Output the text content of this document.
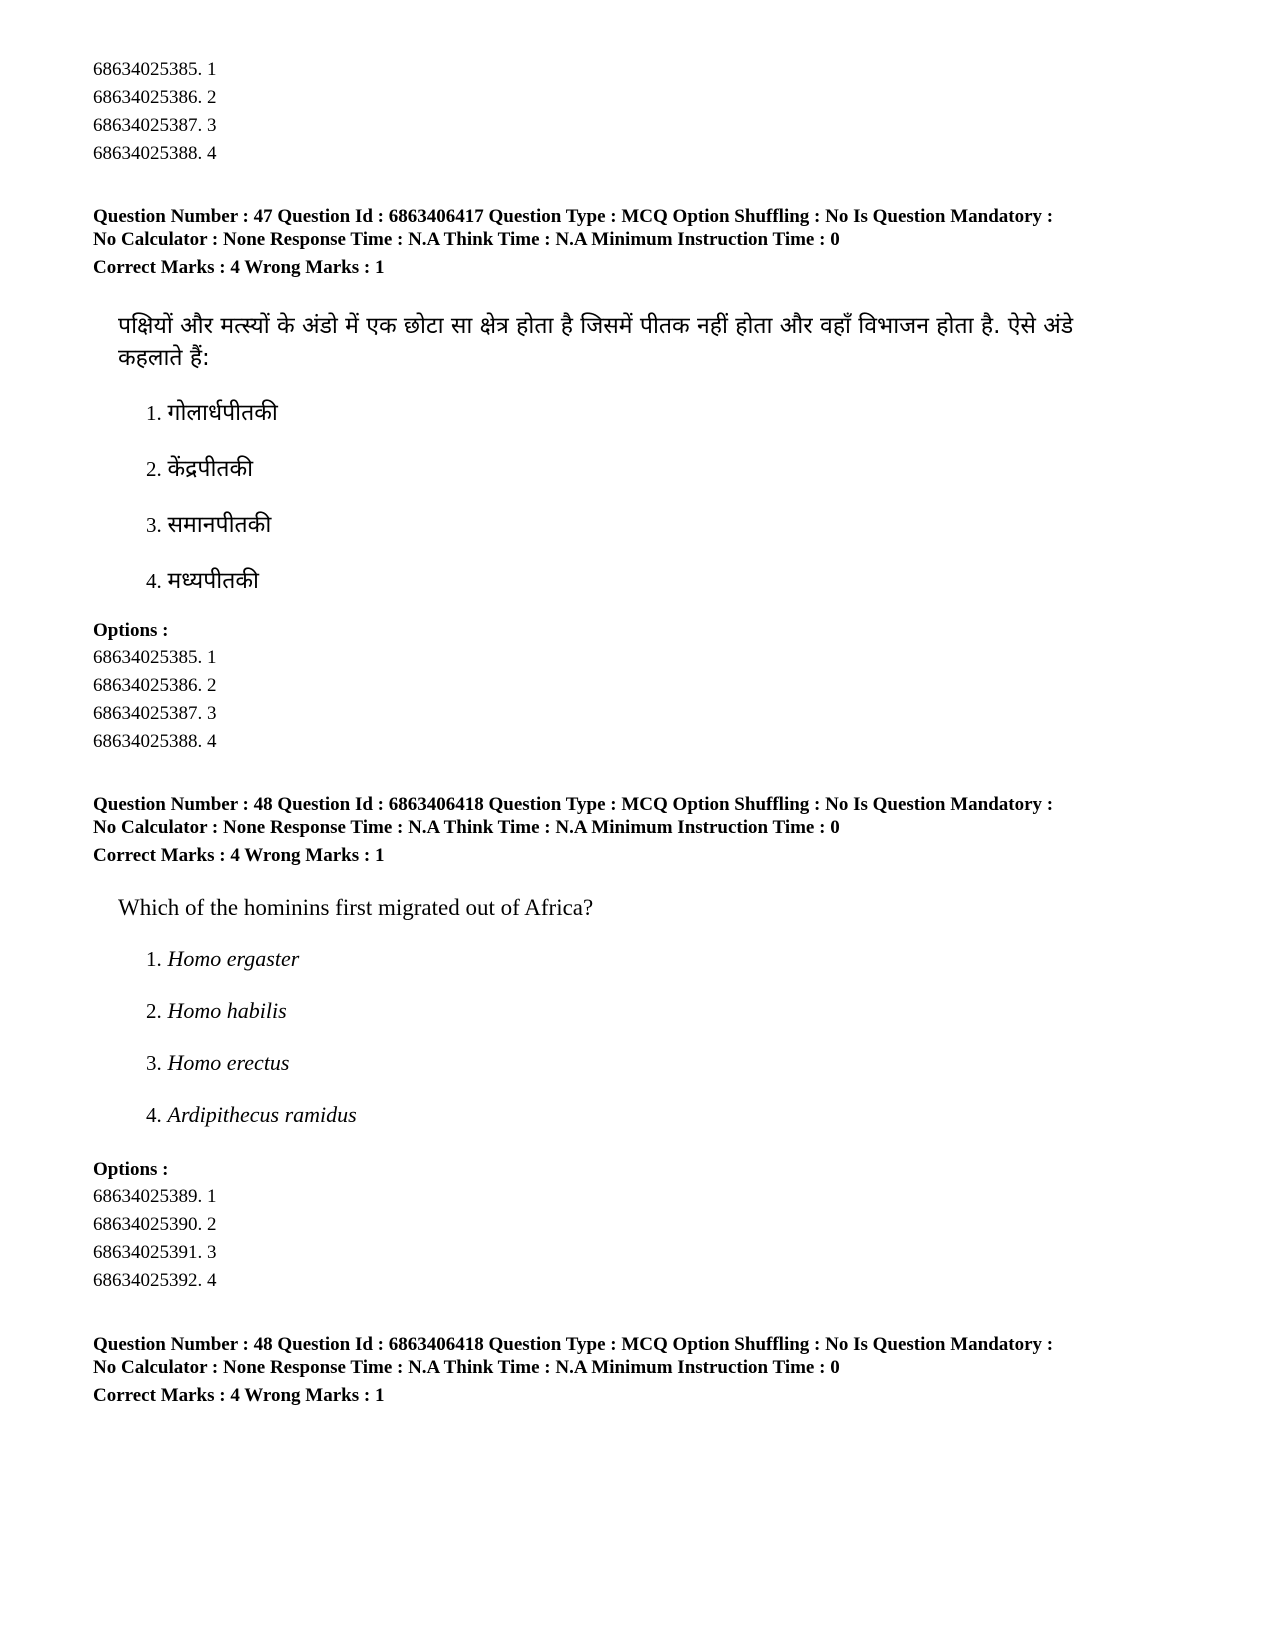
68634025385. 1
68634025386. 2
68634025387. 3
68634025388. 4
Question Number : 47 Question Id : 6863406417 Question Type : MCQ Option Shuffling : No Is Question Mandatory :
No Calculator : None Response Time : N.A Think Time : N.A Minimum Instruction Time : 0
Correct Marks : 4 Wrong Marks : 1
पक्षियों और मत्स्यों के अंडो में एक छोटा सा क्षेत्र होता है जिसमें पीतक नहीं होता और वहाँ विभाजन होता है. ऐसे अंडे
कहलाते हैं:
1. गोलार्धपीतकी
2. केंद्रपीतकी
3. समानपीतकी
4. मध्यपीतकी
Options :
68634025385. 1
68634025386. 2
68634025387. 3
68634025388. 4
Question Number : 48 Question Id : 6863406418 Question Type : MCQ Option Shuffling : No Is Question Mandatory :
No Calculator : None Response Time : N.A Think Time : N.A Minimum Instruction Time : 0
Correct Marks : 4 Wrong Marks : 1
Which of the hominins first migrated out of Africa?
1. Homo ergaster
2. Homo habilis
3. Homo erectus
4. Ardipithecus ramidus
Options :
68634025389. 1
68634025390. 2
68634025391. 3
68634025392. 4
Question Number : 48 Question Id : 6863406418 Question Type : MCQ Option Shuffling : No Is Question Mandatory :
No Calculator : None Response Time : N.A Think Time : N.A Minimum Instruction Time : 0
Correct Marks : 4 Wrong Marks : 1
